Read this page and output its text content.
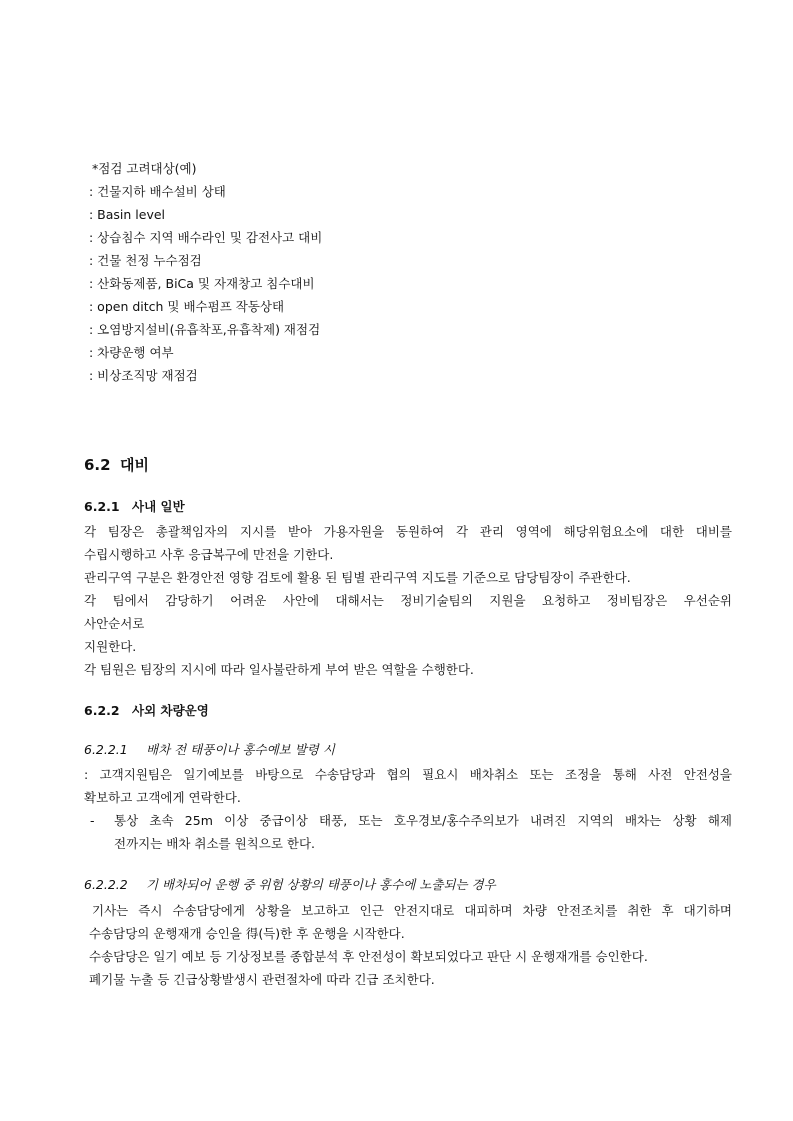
*점검 고려대상(예)
: 건물지하 배수설비 상태
: Basin level
: 상습침수 지역 배수라인 및 감전사고 대비
: 건물 천정 누수점검
: 산화동제품, BiCa 및 자재창고 침수대비
: open ditch 및 배수펌프 작동상태
: 오염방지설비(유흡착포,유흡착제) 재점검
: 차량운행 여부
: 비상조직망 재점검
6.2 대비
6.2.1 사내 일반
각 팀장은 총괄책임자의 지시를 받아 가용자원을 동원하여 각 관리 영역에 해당위험요소에 대한 대비를
수립시행하고 사후 응급복구에 만전을 기한다.
관리구역 구분은 환경안전 영향 검토에 활용 된 팀별 관리구역 지도를 기준으로 담당팀장이 주관한다.
각 팀에서 감당하기 어려운 사안에 대해서는 정비기술팀의 지원을 요청하고 정비팀장은 우선순위
사안순서로
지원한다.
각 팀원은 팀장의 지시에 따라 일사불란하게 부여 받은 역할을 수행한다.
6.2.2 사외 차량운영
6.2.2.1 배차 전 태풍이나 홍수예보 발령 시
: 고객지원팀은 일기예보를 바탕으로 수송담당과 협의 필요시 배차취소 또는 조정을 통해 사전 안전성을
확보하고 고객에게 연락한다.
- 통상 초속 25m 이상 중급이상 태풍, 또는 호우경보/홍수주의보가 내려진 지역의 배차는 상황 해제
전까지는 배차 취소를 원칙으로 한다.
6.2.2.2 기 배차되어 운행 중 위험 상황의 태풍이나 홍수에 노출되는 경우
기사는 즉시 수송담당에게 상황을 보고하고 인근 안전지대로 대피하며 차량 안전조치를 취한 후 대기하며
수송담당의 운행재개 승인을 得(득)한 후 운행을 시작한다.
수송담당은 일기 예보 등 기상정보를 종합분석 후 안전성이 확보되었다고 판단 시 운행재개를 승인한다.
폐기물 누출 등 긴급상황발생시 관련절차에 따라 긴급 조치한다.
